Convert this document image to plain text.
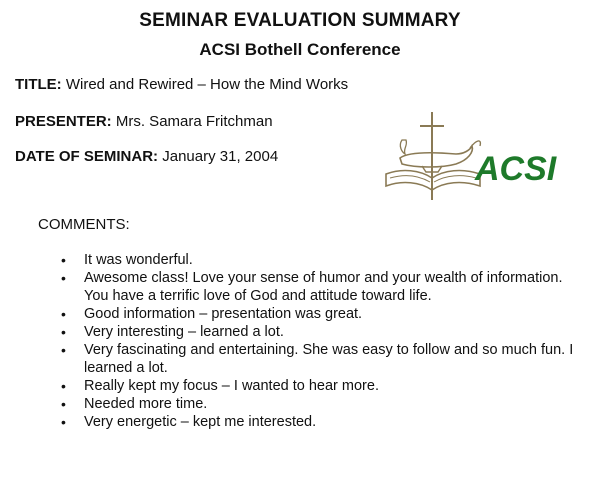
SEMINAR EVALUATION SUMMARY
ACSI Bothell Conference
TITLE: Wired and Rewired – How the Mind Works
PRESENTER: Mrs. Samara Fritchman
DATE OF SEMINAR: January 31, 2004	ACSI
COMMENTS:
• It was wonderful.
• Awesome class! Love your sense of humor and your wealth of information. You have a terrific love of God and attitude toward life.
• Good information – presentation was great.
• Very interesting – learned a lot.
• Very fascinating and entertaining. She was easy to follow and so much fun. I learned a lot.
• Really kept my focus – I wanted to hear more.
• Needed more time.
• Very energetic – kept me interested.
